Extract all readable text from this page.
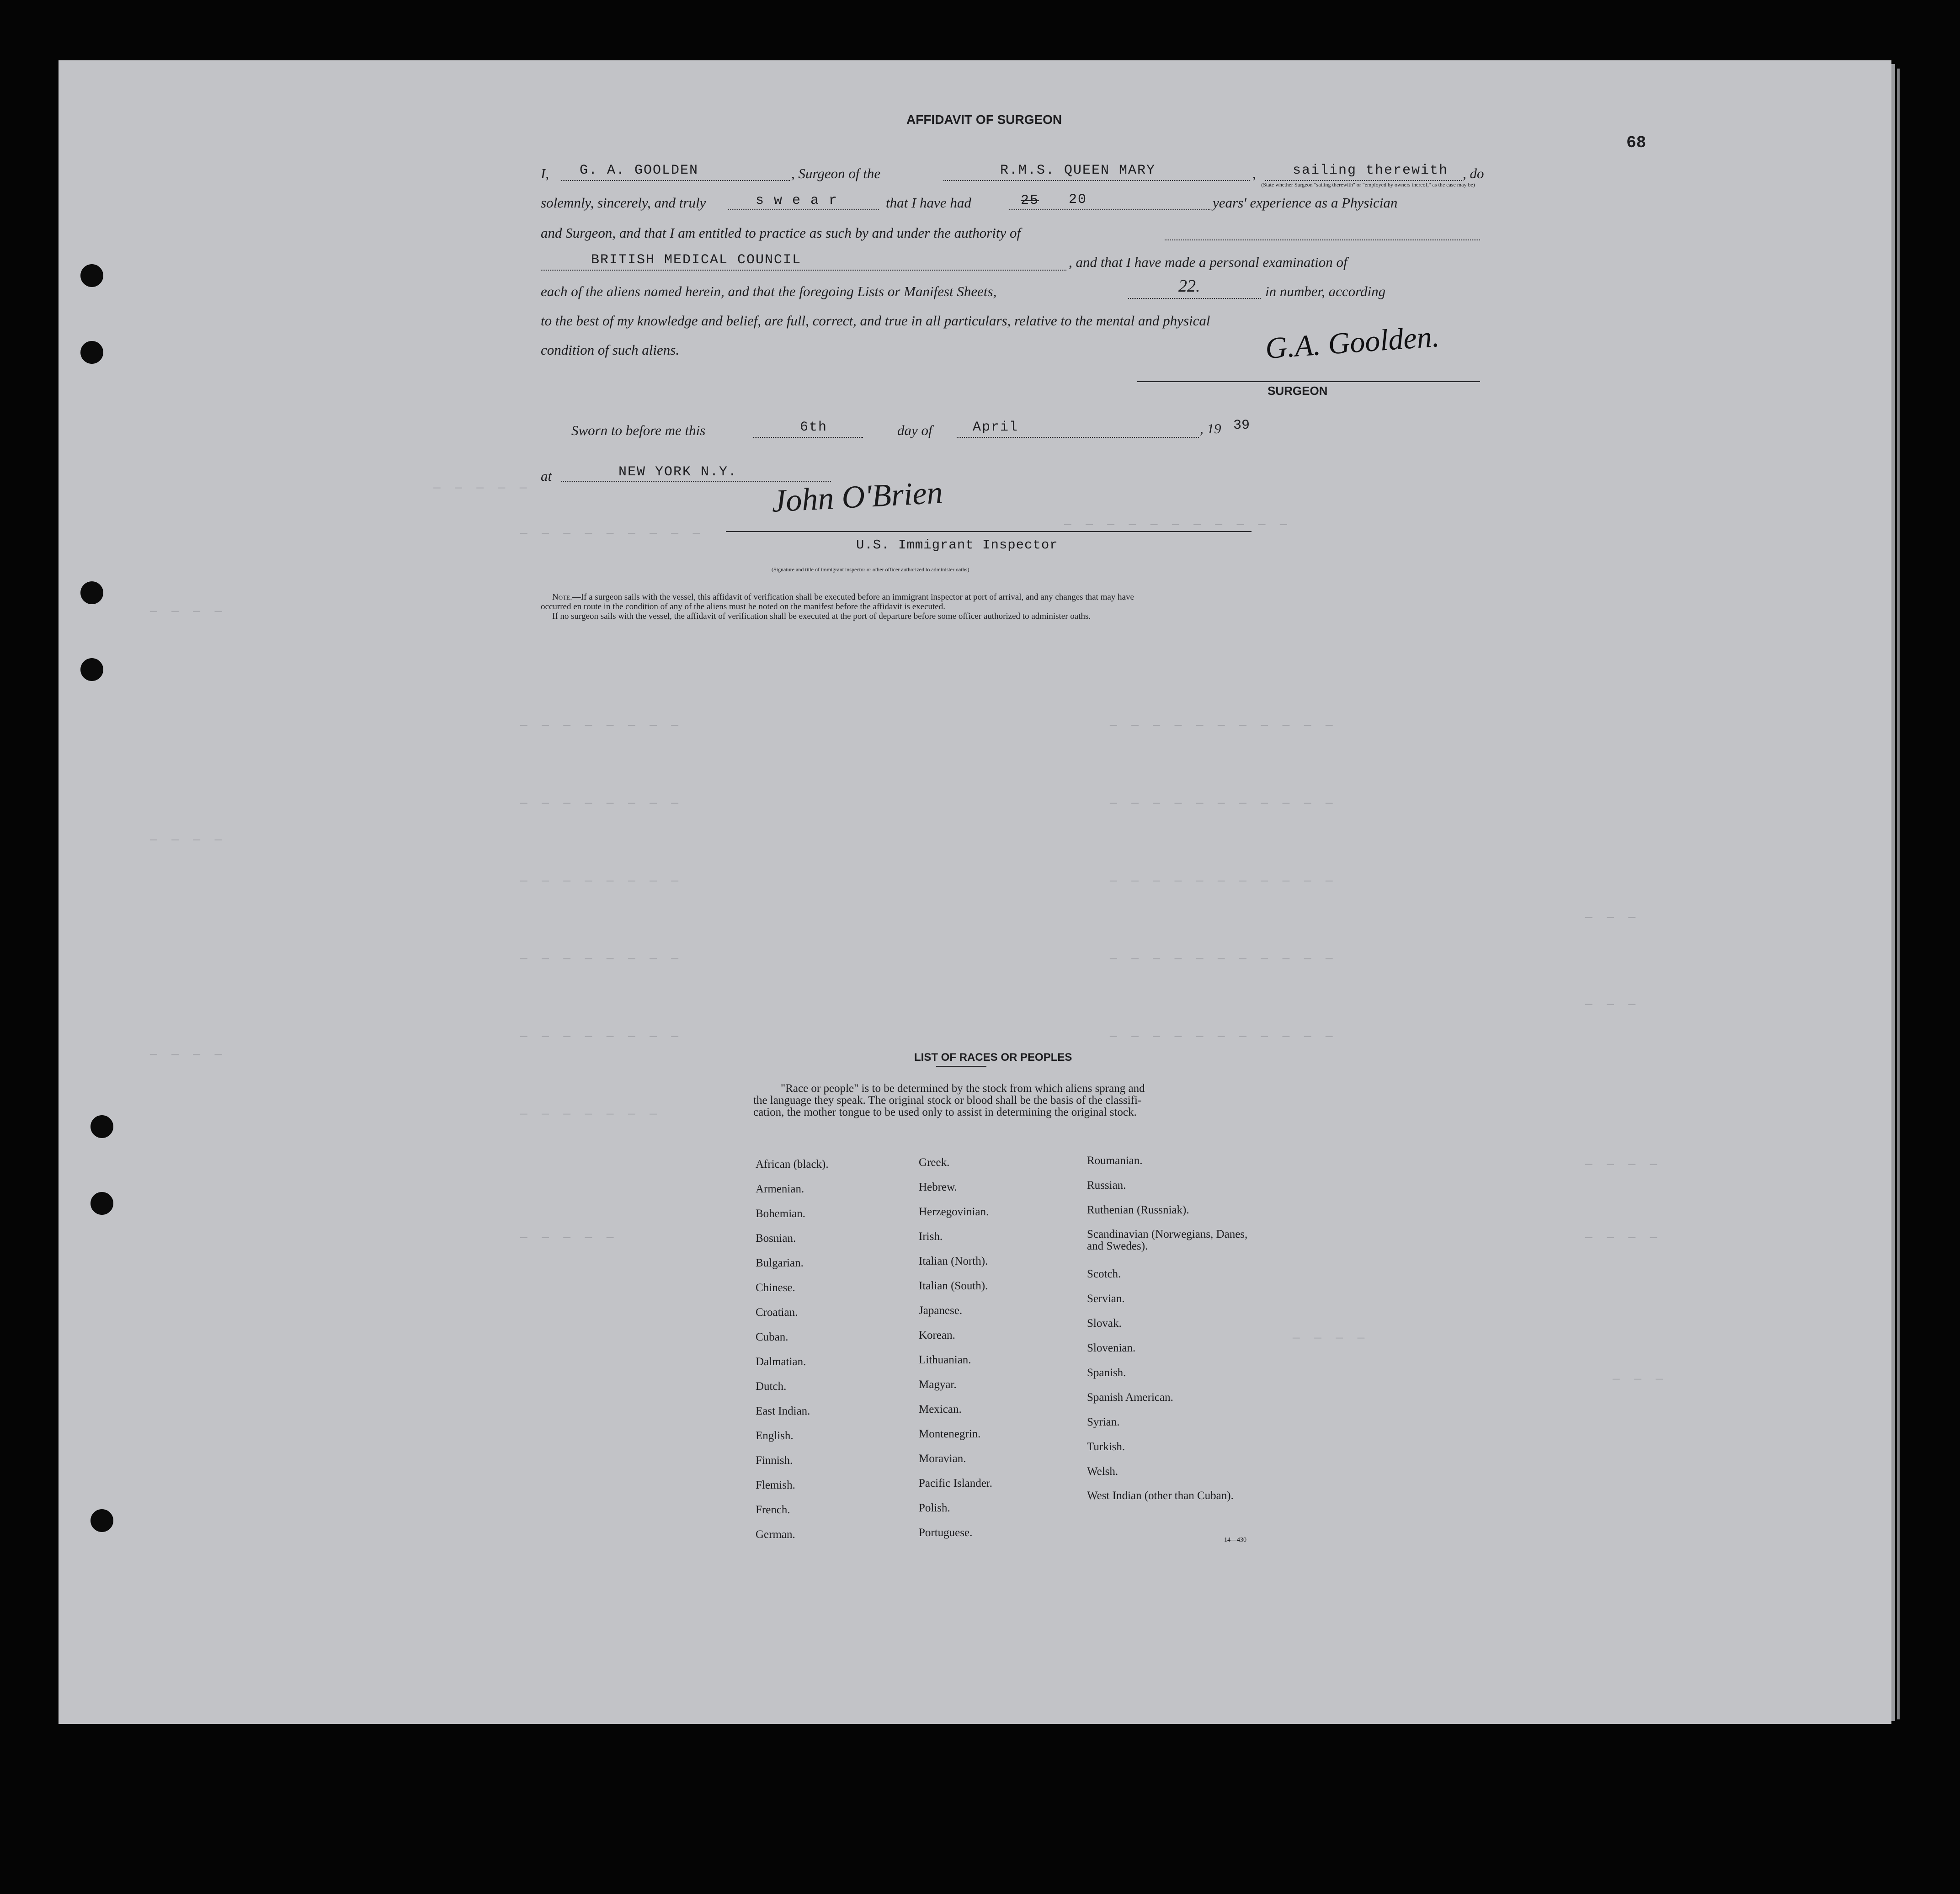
— — — — —
— — — — — — — — —
— — — — — — — — — — —
— — — —
— — — — — — — —	— — — — — — — — — — —
— — — — — — — —	— — — — — — — — — — —
— — — —
— — — — — — — —	— — — — — — — — — — —
— — — — — — — —	— — — — — — — — — — —
— — —
— — — — — — — —	— — — — — — — — — — —
— — —
— — — —
— — — — — — —
— — — —
— — — — —	— — — —
— — — —
— — —
AFFIDAVIT OF SURGEON
68
I, G. A. GOOLDEN	, Surgeon of the	R.M.S. QUEEN MARY	,	sailing therewith , do
(State whether Surgeon "sailing therewith" or "employed by owners thereof," as the case may be)
solemnly, sincerely, and truly	s w e a r	that I have had	25 20	years' experience as a Physician
and Surgeon, and that I am entitled to practice as such by and under the authority of
BRITISH MEDICAL COUNCIL	, and that I have made a personal examination of
each of the aliens named herein, and that the foregoing Lists or Manifest Sheets,	22.	in number, according
to the best of my knowledge and belief, are full, correct, and true in all particulars, relative to the mental and physical
condition of such aliens.	G.A. Goolden.
SURGEON
Sworn to before me this	6th	day of	April	, 19 39
at	NEW YORK N.Y.
John O'Brien
U.S. Immigrant Inspector
(Signature and title of immigrant inspector or other officer authorized to administer oaths)
Note.—If a surgeon sails with the vessel, this affidavit of verification shall be executed before an immigrant inspector at port of arrival, and any changes that may have
occurred en route in the condition of any of the aliens must be noted on the manifest before the affidavit is executed.
If no surgeon sails with the vessel, the affidavit of verification shall be executed at the port of departure before some officer authorized to administer oaths.
LIST OF RACES OR PEOPLES
"Race or people" is to be determined by the stock from which aliens sprang and
the language they speak. The original stock or blood shall be the basis of the classifi-
cation, the mother tongue to be used only to assist in determining the original stock.
African (black).
Armenian.
Bohemian.
Bosnian.
Bulgarian.
Chinese.
Croatian.
Cuban.
Dalmatian.
Dutch.
East Indian.
English.
Finnish.
Flemish.
French.
German.
Greek.
Hebrew.
Herzegovinian.
Irish.
Italian (North).
Italian (South).
Japanese.
Korean.
Lithuanian.
Magyar.
Mexican.
Montenegrin.
Moravian.
Pacific Islander.
Polish.
Portuguese.
Roumanian.
Russian.
Ruthenian (Russniak).
Scandinavian (Norwegians, Danes, and Swedes).
Scotch.
Servian.
Slovak.
Slovenian.
Spanish.
Spanish American.
Syrian.
Turkish.
Welsh.
West Indian (other than Cuban).
14—430
